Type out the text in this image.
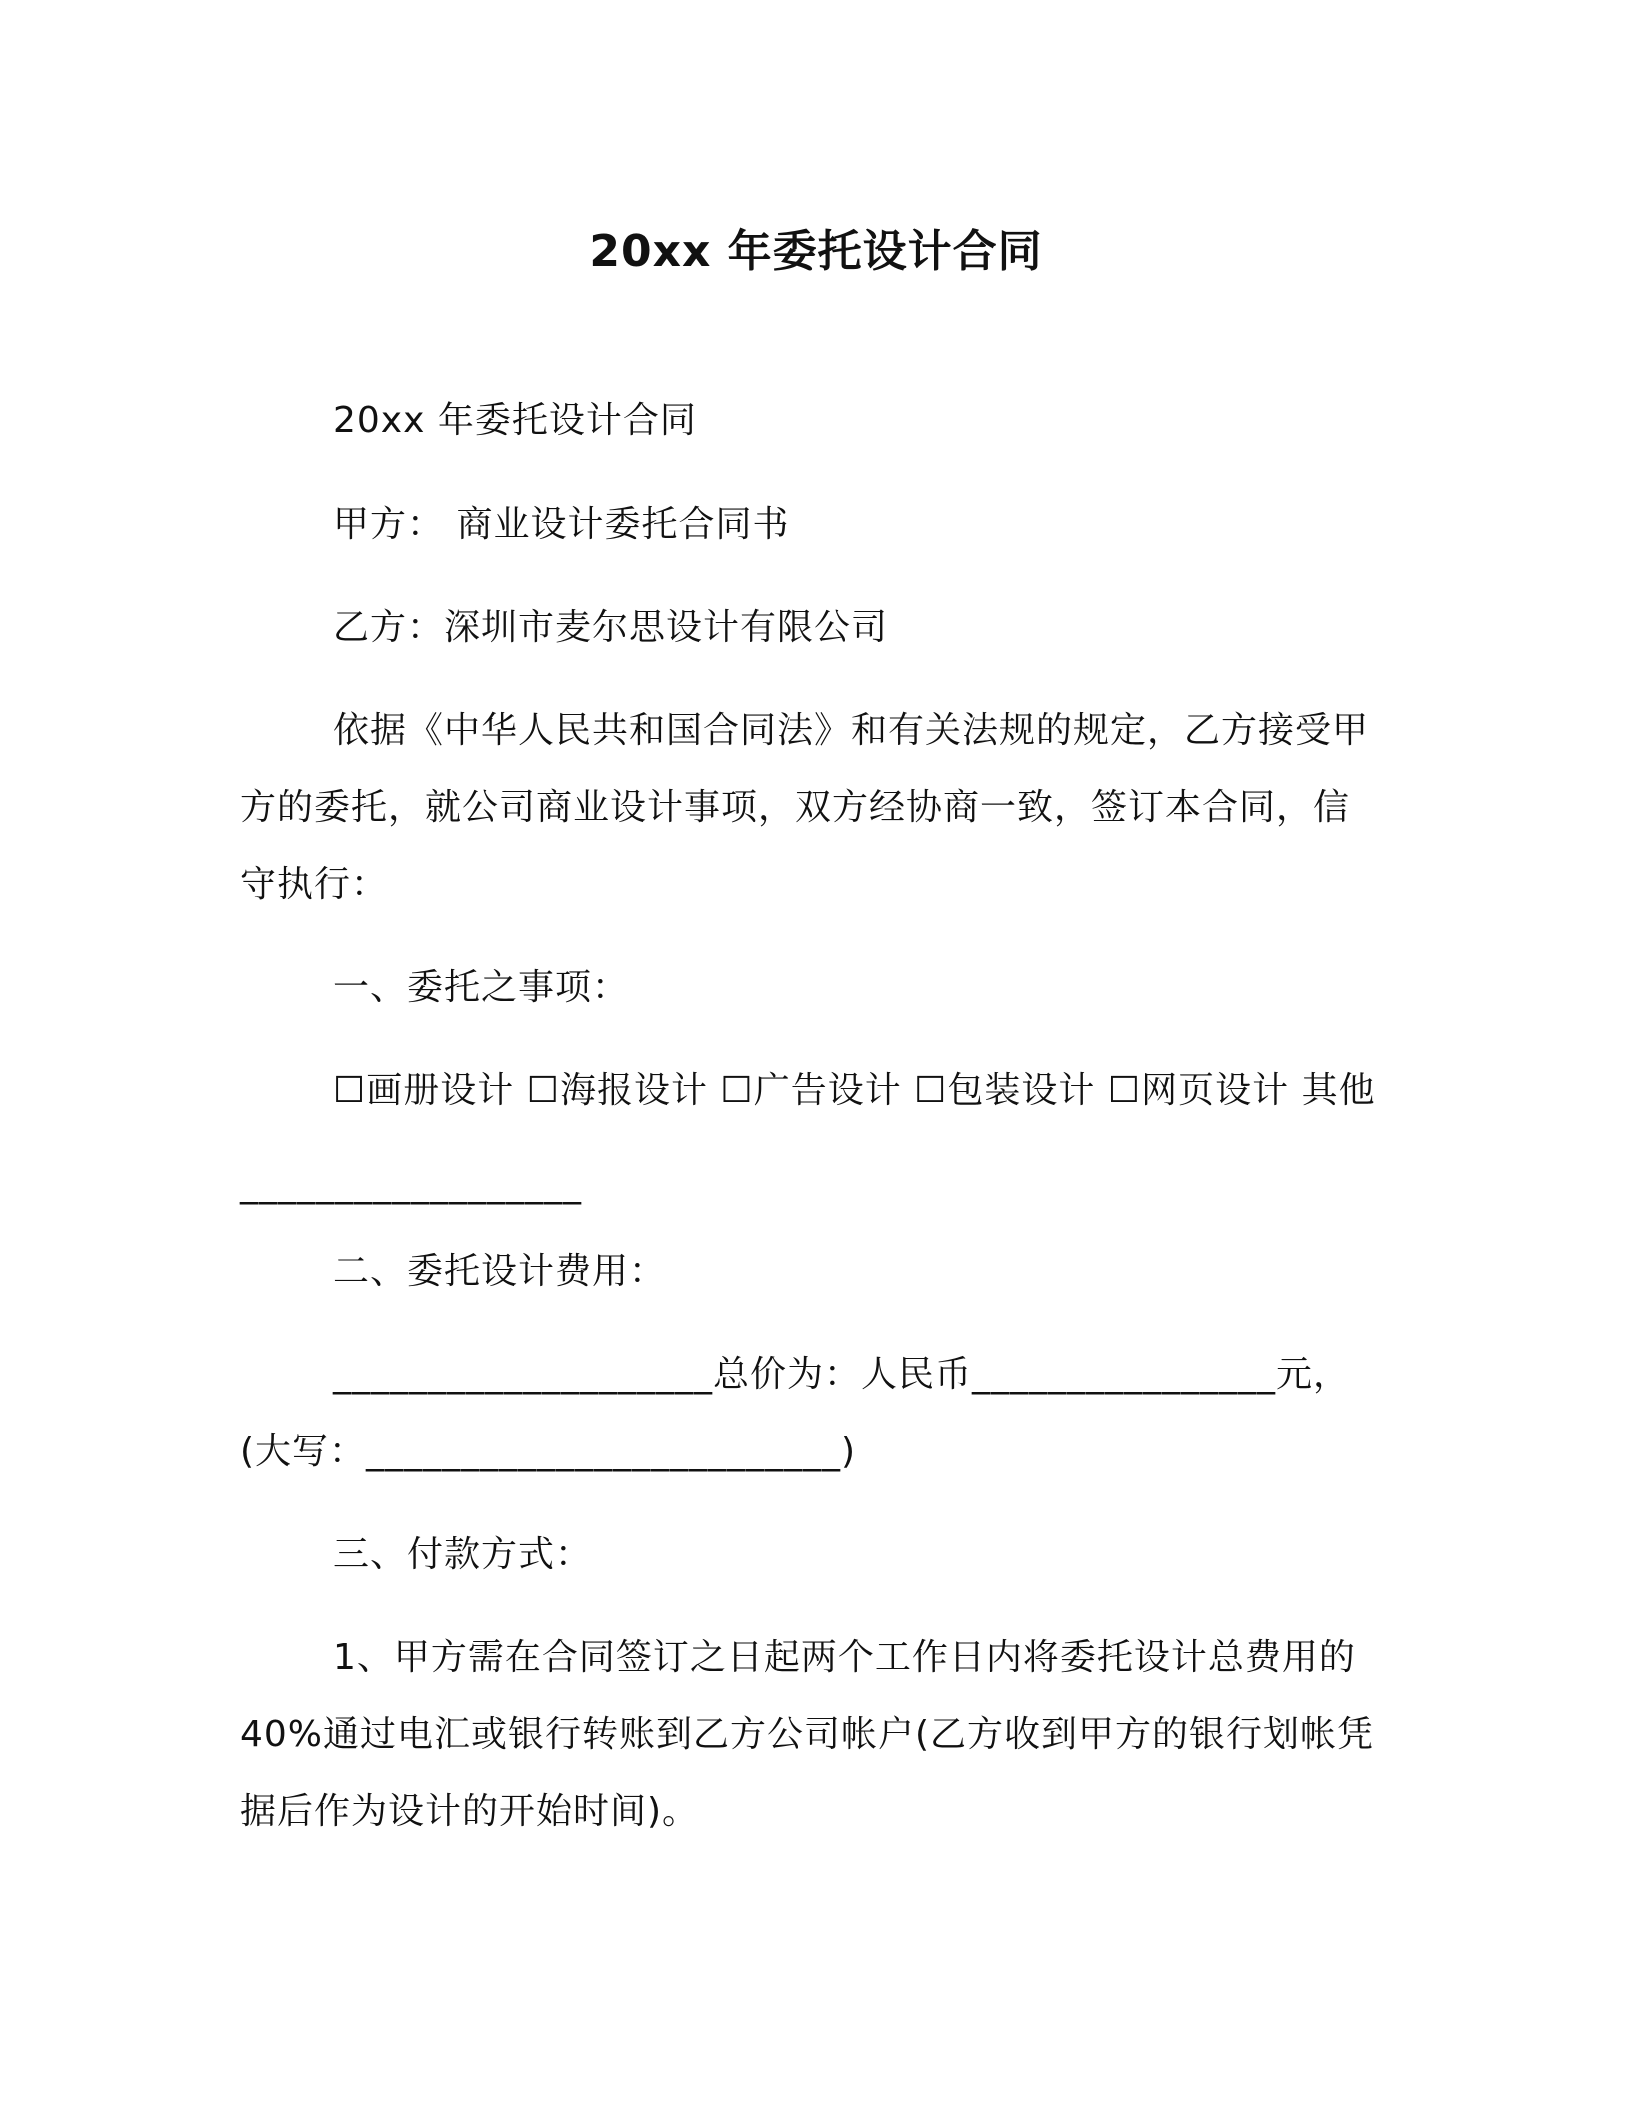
20xx 年委托设计合同
20xx 年委托设计合同
甲方： 商业设计委托合同书
乙方：深圳市麦尔思设计有限公司
依据《中华人民共和国合同法》和有关法规的规定，乙方接受甲
方的委托，就公司商业设计事项，双方经协商一致，签订本合同，信
守执行：
一、委托之事项：
☐画册设计 ☐海报设计 ☐广告设计 ☐包装设计 ☐网页设计 其他
__________________
二、委托设计费用：
____________________总价为：人民币________________元，
(大写：_________________________)
三、付款方式：
1、甲方需在合同签订之日起两个工作日内将委托设计总费用的
40%通过电汇或银行转账到乙方公司帐户(乙方收到甲方的银行划帐凭
据后作为设计的开始时间)。
